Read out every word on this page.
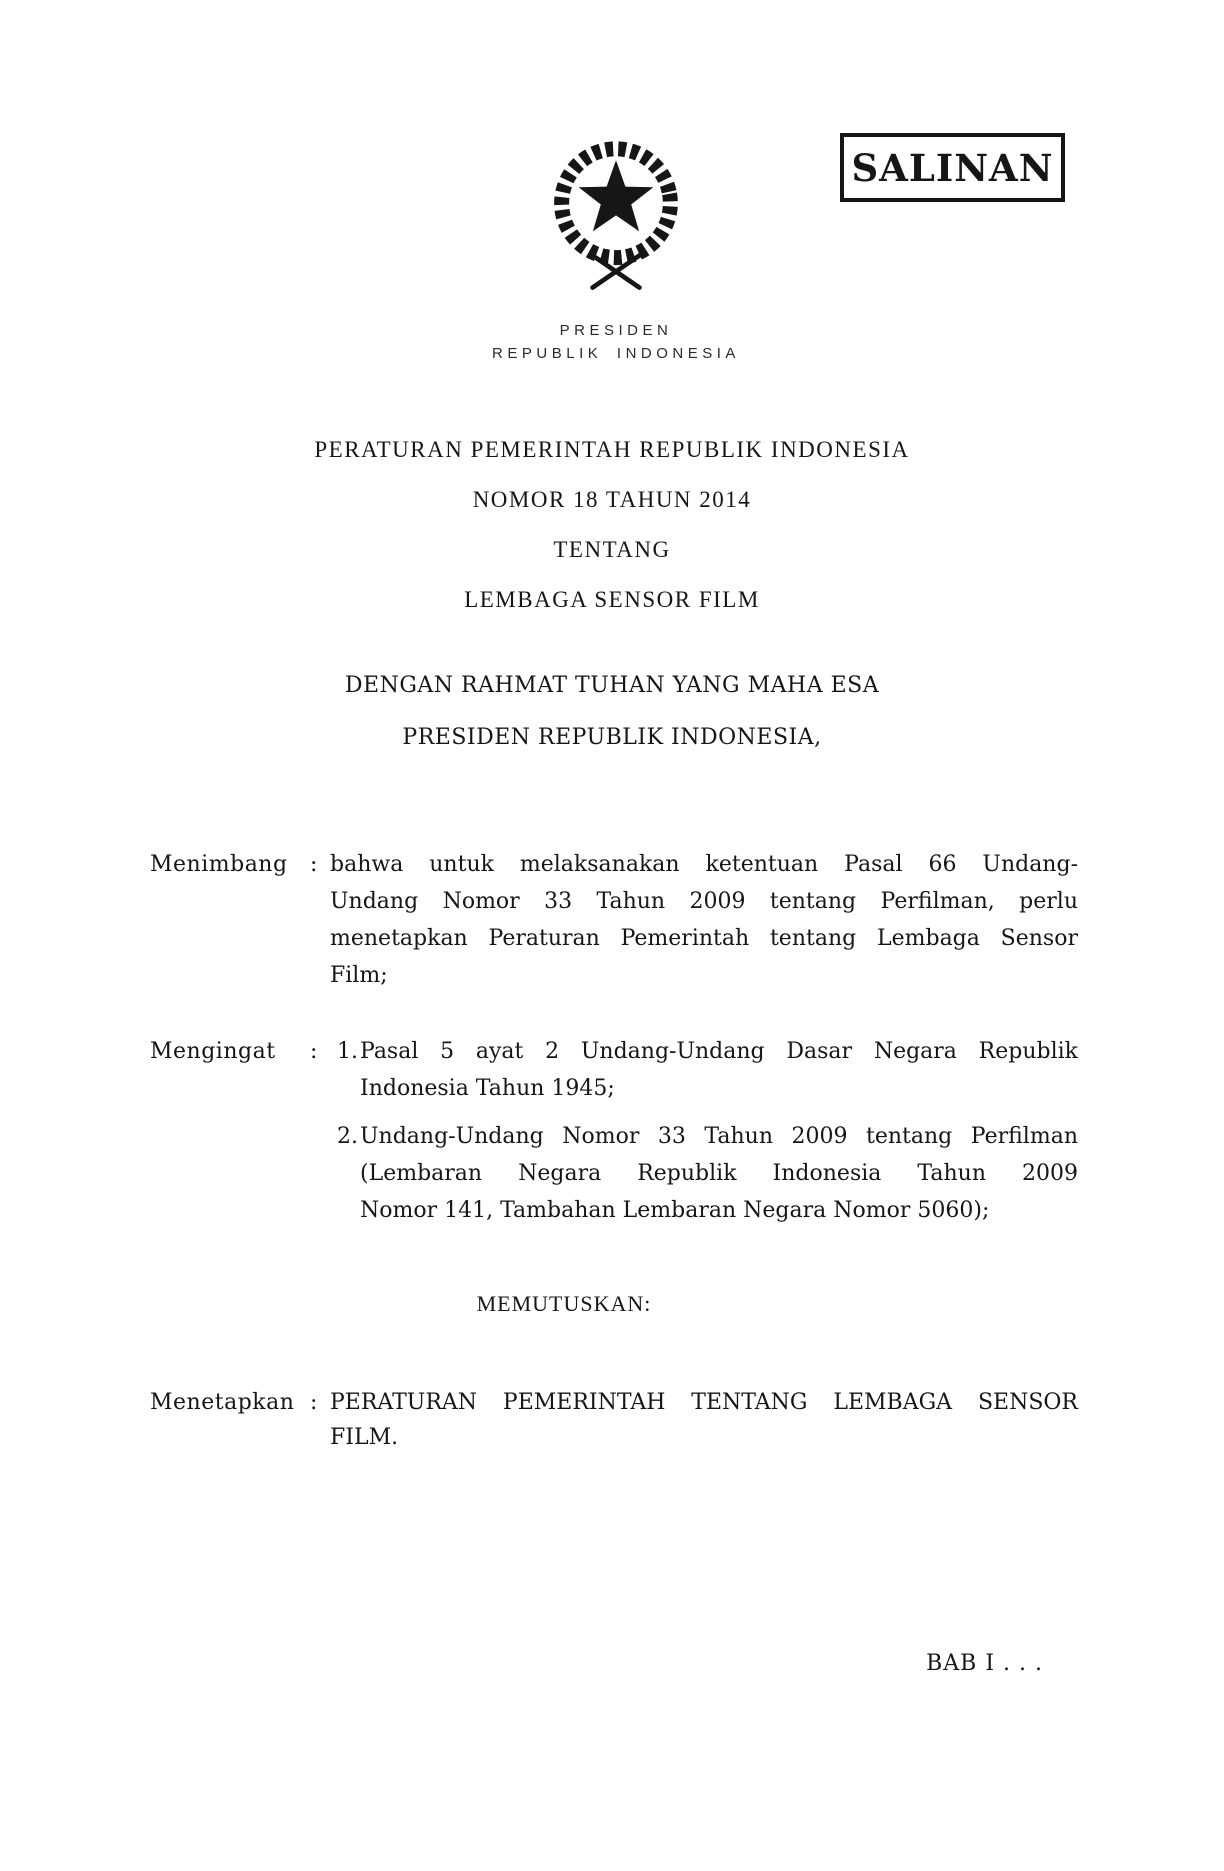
SALINAN
PRESIDEN
REPUBLIK INDONESIA
PERATURAN PEMERINTAH REPUBLIK INDONESIA
NOMOR 18 TAHUN 2014
TENTANG
LEMBAGA SENSOR FILM
DENGAN RAHMAT TUHAN YANG MAHA ESA
PRESIDEN REPUBLIK INDONESIA,
Menimbang	: bahwa untuk melaksanakan ketentuan Pasal 66 Undang-
Undang Nomor 33 Tahun 2009 tentang Perfilman, perlu
menetapkan Peraturan Pemerintah tentang Lembaga Sensor
Film;
Mengingat	: 1. Pasal 5 ayat 2 Undang-Undang Dasar Negara Republik
Indonesia Tahun 1945;
2. Undang-Undang Nomor 33 Tahun 2009 tentang Perfilman
(Lembaran Negara Republik Indonesia Tahun 2009
Nomor 141, Tambahan Lembaran Negara Nomor 5060);
MEMUTUSKAN:
Menetapkan : PERATURAN PEMERINTAH TENTANG LEMBAGA SENSOR
FILM.
BAB I . . .
